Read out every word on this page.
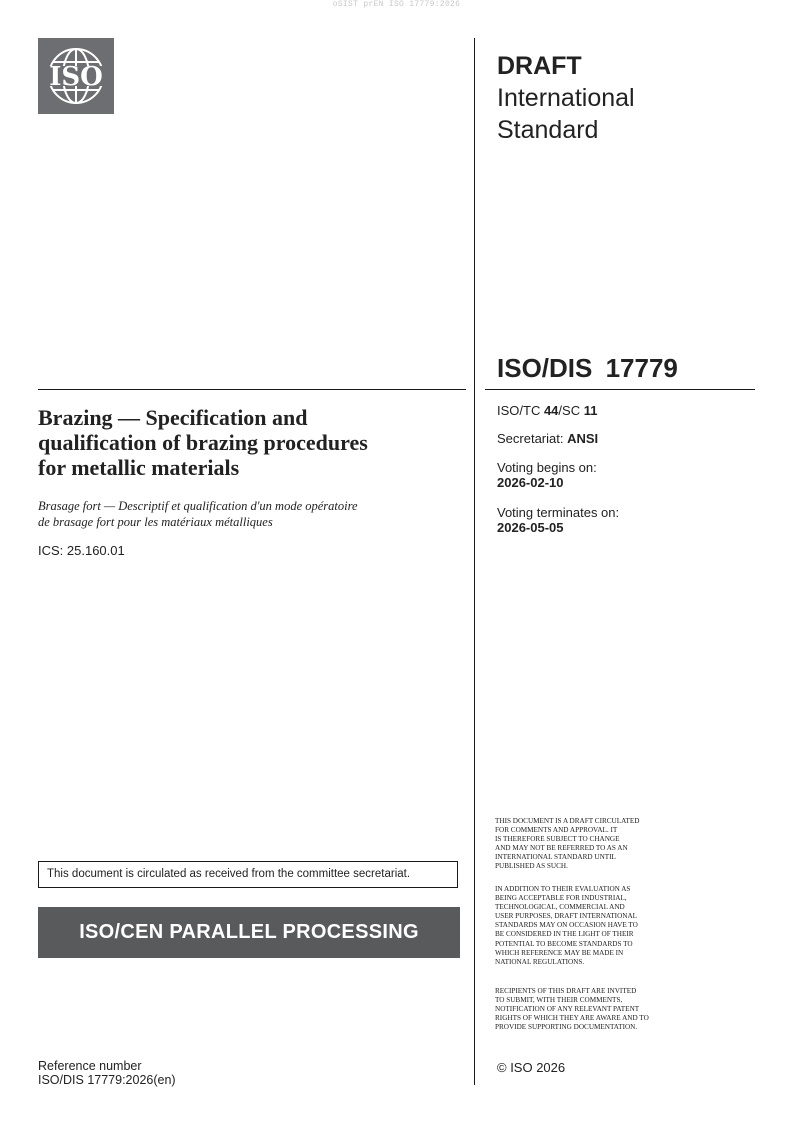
oSIST prEN ISO 17779:2026
ISO	DRAFT
International
Standard
ISO/DIS 17779
Brazing — Specification and
qualification of brazing procedures
for metallic materials
Brasage fort — Descriptif et qualification d'un mode opératoire
de brasage fort pour les matériaux métalliques
ICS: 25.160.01
ISO/TC 44/SC 11
Secretariat: ANSI
Voting begins on:
2026-02-10
Voting terminates on:
2026-05-05
This document is circulated as received from the committee secretariat.
ISO/CEN PARALLEL PROCESSING
Reference number
ISO/DIS 17779:2026(en)
THIS DOCUMENT IS A DRAFT CIRCULATED
FOR COMMENTS AND APPROVAL. IT
IS THEREFORE SUBJECT TO CHANGE
AND MAY NOT BE REFERRED TO AS AN
INTERNATIONAL STANDARD UNTIL
PUBLISHED AS SUCH.
IN ADDITION TO THEIR EVALUATION AS
BEING ACCEPTABLE FOR INDUSTRIAL,
TECHNOLOGICAL, COMMERCIAL AND
USER PURPOSES, DRAFT INTERNATIONAL
STANDARDS MAY ON OCCASION HAVE TO
BE CONSIDERED IN THE LIGHT OF THEIR
POTENTIAL TO BECOME STANDARDS TO
WHICH REFERENCE MAY BE MADE IN
NATIONAL REGULATIONS.
RECIPIENTS OF THIS DRAFT ARE INVITED
TO SUBMIT, WITH THEIR COMMENTS,
NOTIFICATION OF ANY RELEVANT PATENT
RIGHTS OF WHICH THEY ARE AWARE AND TO
PROVIDE SUPPORTING DOCUMENTATION.
© ISO 2026
